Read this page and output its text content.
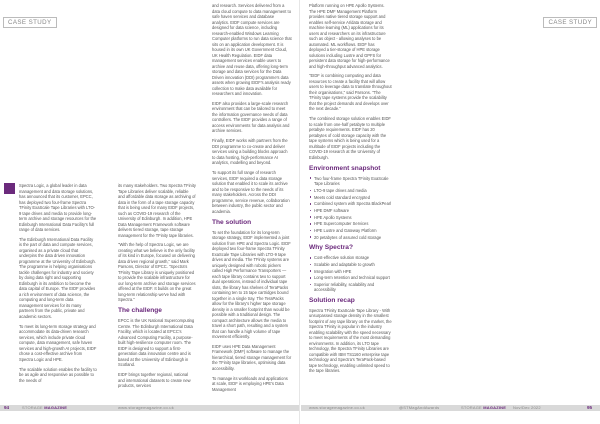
CASE STUDY

Spectra Logic, a global leader in data management and data storage solutions, has announced that its customer, EPCC, has deployed two four-frame Spectra TFinity ExaScale Tape Libraries with LTO-9 tape drives and media to provide long-term archive and storage resources for the Edinburgh International Data Facility's full range of data services.

The Edinburgh International Data Facility is the part of data and compute services, organised as a private cloud that underpins the data driven innovation programme at the University of Edinburgh. The programme is helping organisations tackle challenges for industry and society by doing data right and supporting Edinburgh in its ambition to become the data capital of Europe. The EIDF provides a rich environment of data science, the computing and long-term data management services for its many partners from the public, private and academic sectors.

To meet its long-term storage strategy and accommodate its data-driven research services, which include private cloud compute, data management, safe haven services and high-growth AI projects, EIDF chose a cost-effective archive from Spectra Logic and HPE.

The scalable solution enables the facility to be as agile and responsive as possible to the needs of

its many stakeholders. Two Spectra TFinity Tape Libraries deliver scalable, reliable and affordable data storage as archiving of data in the form of a tape storage capacity that is being used for many EIDF projects, such as COVID-19 research of the University of Edinburgh. In addition, HPE Data Management Framework software delivers tiered storage, tape storage management for the TFinity tape libraries.

"With the help of Spectra Logic, we are creating what we believe is the only facility of its kind in Europe, focused on delivering data driven regional growth," said Mark Parsons, Director of EPCC. "Spectra's TFinity Tape Library is uniquely positioned to provide the scalable infrastructure for our long-term archive and storage services offered at the EIDF. It builds on the great long-term relationship we've had with Spectra."

The challenge

EPCC is the UK National Supercomputing Centre. The Edinburgh International Data Facility, which is located at EPCC's Advanced Computing Facility, a purpose-built high-resilience computer room. The EIDF is designed to support a first-generation data innovation centre and is based at the University of Edinburgh in Scotland.

EIDF brings together regional, national and international datasets to create new products, services

and research. Services delivered from a data cloud compute to data management to safe haven services and database analytics. EIDF compute services are designed for data science, including research-enabled Windows Learning Computer platforms to run data science that sits on an application development. It is housed in its own UK Government Cloud, UK Health Regulation. EIDF data management services enable users to archive and reuse data, offering long-term storage and data services for the Data Driven innovation (DDI) programme's data assets when growing EIDF's analysis ready collection to make data available for researchers and innovation.

EIDF also provides a large-scale research environment that can be tailored to meet the information governance needs of data controllers. The EIDF provides a range of access environments for data analysis and archive services.

Finally, EIDF works with partners from the DDI programme to co-create and deliver services using a building blocks approach to data hosting, high-performance AI analytics, modelling and beyond.

To support its full range of research services, EIDF required a data storage solution that enabled it to scale its archive and to be responsive to the needs of its many stakeholders. Across the DDI programme, service revenue, collaboration between industry, the public sector and academia.

The solution

To set the foundation for its long-term storage strategy, EIDF implemented a joint solution from HPE and Spectra Logic. EIDF deployed two four-frame Spectra TFinity ExaScale Tape Libraries with LTO-9 tape drives and media. The TFinity systems are uniquely designed with robotic pickers called High Performance Transporters — each tape library contains two to support dual operations, instead of individual tape slots, the library has shelves of TeraPacks containing ten to 15 tape cartridges bound together in a single tray. The TeraPacks allow for the library's higher tape storage density in a smaller footprint than would be possible with a traditional design. The compact architecture allows the media to travel a short path, resulting and a system that can handle a high volume of tape movement efficiently.

EIDF uses HPE Data Management Framework (DMF) software to manage the hierarchical, tiered storage management for the TFinity tape libraries, optimising data accessibility.

To manage its workloads and applications at scale, EIDF is employing HPE's Data Management

94	STORAGE MAGAZINE	www.storagemagazine.co.uk
CASE STUDY

Platform running on HPE Apollo Systems. The HPE DMF Management Platform provides native tiered storage support and enables self-service AI/data storage and machine learning (ML) applications for its users and researchers on its infrastructure such as object - allowing analyses to be automated. ML workflows. EIDF has deployed a tier-storage of HPE storage solutions including Lustre and GPFS for persistent data storage for high-performance and high-throughput advanced analytics.

"EIDF is combining computing and data resources to create a facility that will allow users to leverage data to translate throughout their organisations," said Parsons. "The TFinity tape systems provide the scalability that the project demands and develops over the next decade."

The combined storage solution enables EIDF to scale from one-half petabyte to multiple petabyte requirements. EIDF has 20 petabytes of cold storage capacity with the tape systems which is being used for a multitude of EIDF projects including the COVID-19 research at the University of Edinburgh.

Environment snapshot
Two four-frame Spectra TFinity ExaScale Tape Libraries
LTO-9 tape drives and media
Meets cold standard encrypted
Combined system with Spectra BlackPearl
HPE DMF software
HPE Apollo Systems
HPE Supercomputer Services
HPE Lustre and Gateway Platform
20 petabytes of assured cold storage
Why Spectra?
Cost-effective solution storage
Scalable and adaptable to growth
Integration with HPE
Long-term retention and technical support
Superior reliability, scalability and accessibility
Solution recap

Spectra TFinity ExaScale Tape Library - With unsurpassed storage density in the smallest footprint of any tape library on the market, the Spectra TFinity is popular in the industry enabling scalability with the speed necessary to meet requirements of the most demanding environments. In addition, its LTO tape technology, the Spectra TFinity Libraries are compatible with IBM TS1160 enterprise tape technology and Spectra's TeraPack-based tape technology, enabling unlimited speed to the tape libraries.

www.storagemagazine.co.uk	@STMagAndAwards	STORAGE MAGAZINE Nov/Dec 2022	95
